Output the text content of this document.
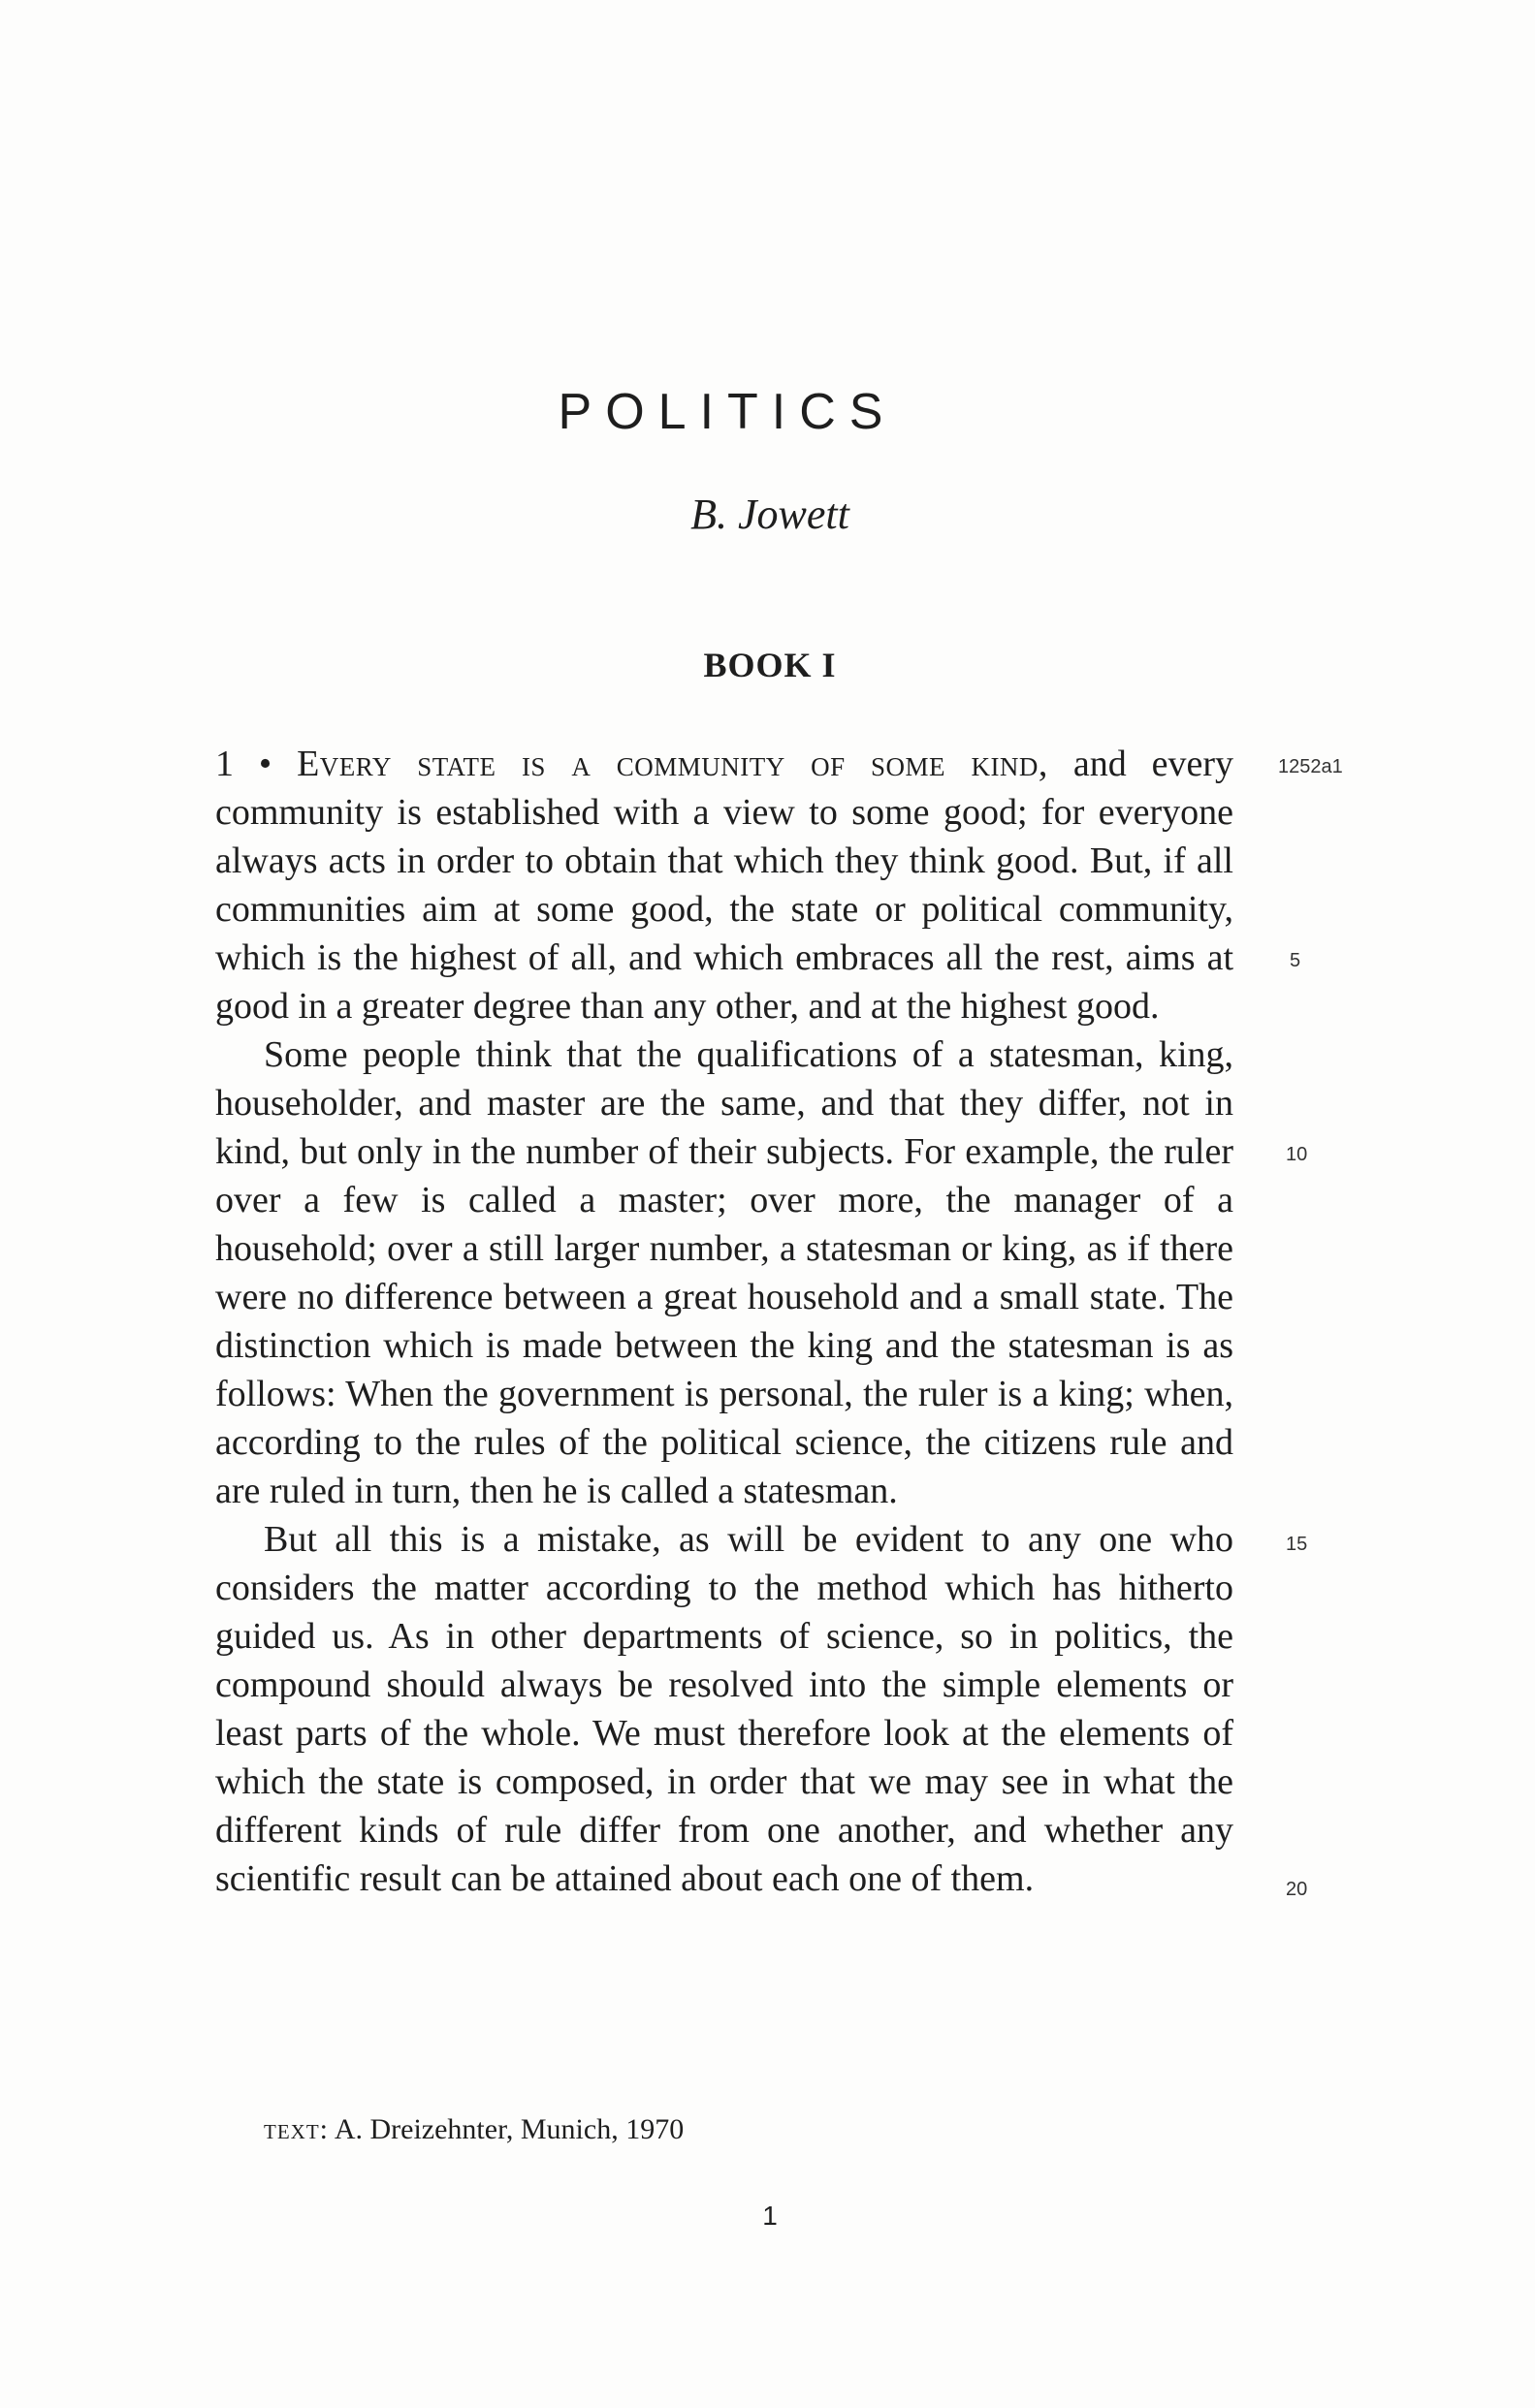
POLITICS

B. Jowett

BOOK I

1 • Every state is a community of some kind, and every community is established with a view to some good; for everyone always acts in order to obtain that which they think good. But, if all communities aim at some good, the state or political community, which is the highest of all, and which embraces all the rest, aims at good in a greater degree than any other, and at the highest good.

Some people think that the qualifications of a statesman, king, householder, and master are the same, and that they differ, not in kind, but only in the number of their subjects. For example, the ruler over a few is called a master; over more, the manager of a household; over a still larger number, a statesman or king, as if there were no difference between a great household and a small state. The distinction which is made between the king and the statesman is as follows: When the government is personal, the ruler is a king; when, according to the rules of the political science, the citizens rule and are ruled in turn, then he is called a statesman.

But all this is a mistake, as will be evident to any one who considers the matter according to the method which has hitherto guided us. As in other departments of science, so in politics, the compound should always be resolved into the simple elements or least parts of the whole. We must therefore look at the elements of which the state is composed, in order that we may see in what the different kinds of rule differ from one another, and whether any scientific result can be attained about each one of them.

1252a1
5
10
15
20

text: A. Dreizehnter, Munich, 1970

1
